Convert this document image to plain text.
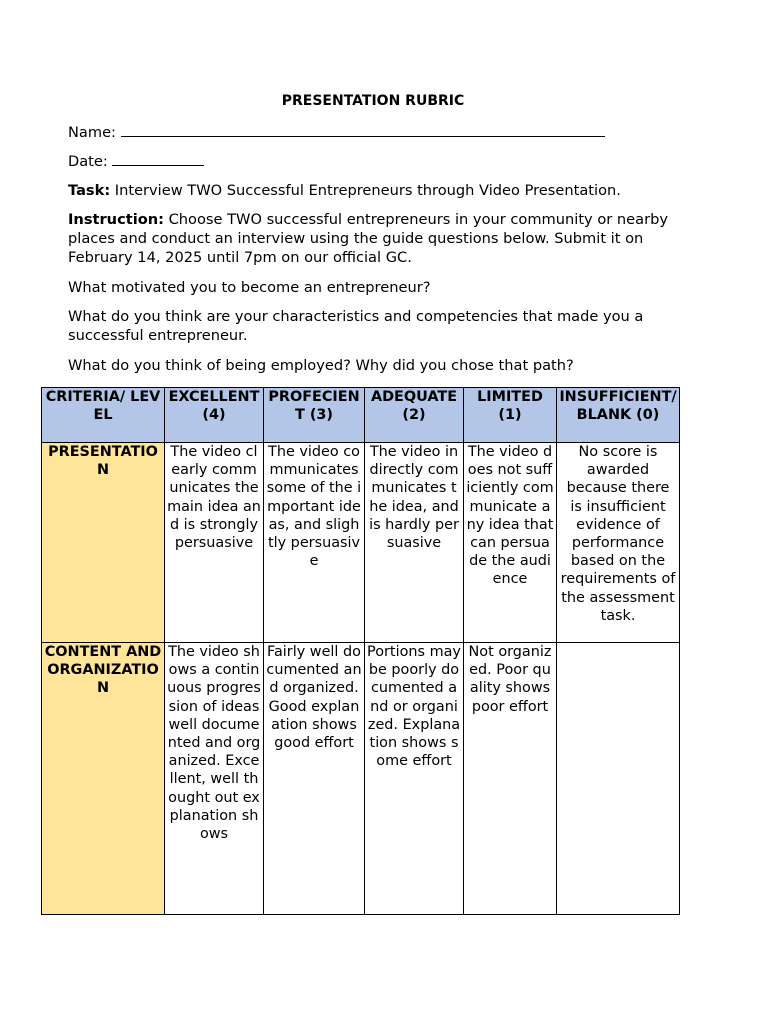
PRESENTATION RUBRIC
Name:
Date:
Task: Interview TWO Successful Entrepreneurs through Video Presentation.
Instruction: Choose TWO successful entrepreneurs in your community or nearby places and conduct an interview using the guide questions below. Submit it on February 14, 2025 until 7pm on our official GC.
What motivated you to become an entrepreneur?
What do you think are your characteristics and competencies that made you a successful entrepreneur.
What do you think of being employed? Why did you chose that path?
CRITERIA/ LEVEL	EXCELLENT (4)	PROFECIENT (3)	ADEQUATE (2)	LIMITED (1)	INSUFFICIENT/ BLANK (0)
PRESENTATION	The video clearly communicates the main idea and is strongly persuasive	The video communicates some of the important ideas, and slightly persuasive	The video indirectly communicates the idea, and is hardly persuasive	The video does not sufficiently communicate any idea that can persuade the audience	No score is awarded because there is insufficient evidence of performance based on the requirements of the assessment task.
CONTENT AND ORGANIZATION	The video shows a continuous progression of ideas well documented and organized. Excellent, well thought out explanation shows	Fairly well documented and organized. Good explanation shows good effort	Portions may be poorly documented and or organized. Explanation shows some effort	Not organized. Poor quality shows poor effort	
